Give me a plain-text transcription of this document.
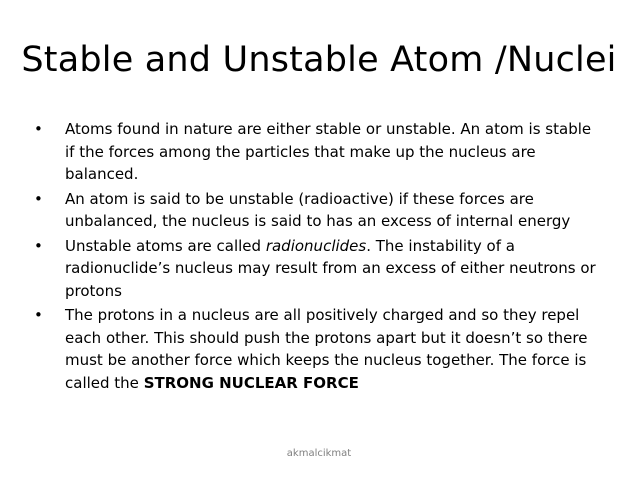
Stable and Unstable Atom /Nuclei
• Atoms found in nature are either stable or unstable. An atom is stable if the forces among the particles that make up the nucleus are balanced.
• An atom is said to be unstable (radioactive) if these forces are unbalanced, the nucleus is said to has an excess of internal energy
• Unstable atoms are called radionuclides. The instability of a radionuclide’s nucleus may result from an excess of either neutrons or protons
• The protons in a nucleus are all positively charged and so they repel each other. This should push the protons apart but it doesn’t so there must be another force which keeps the nucleus together. The force is called the STRONG NUCLEAR FORCE
akmalcikmat
